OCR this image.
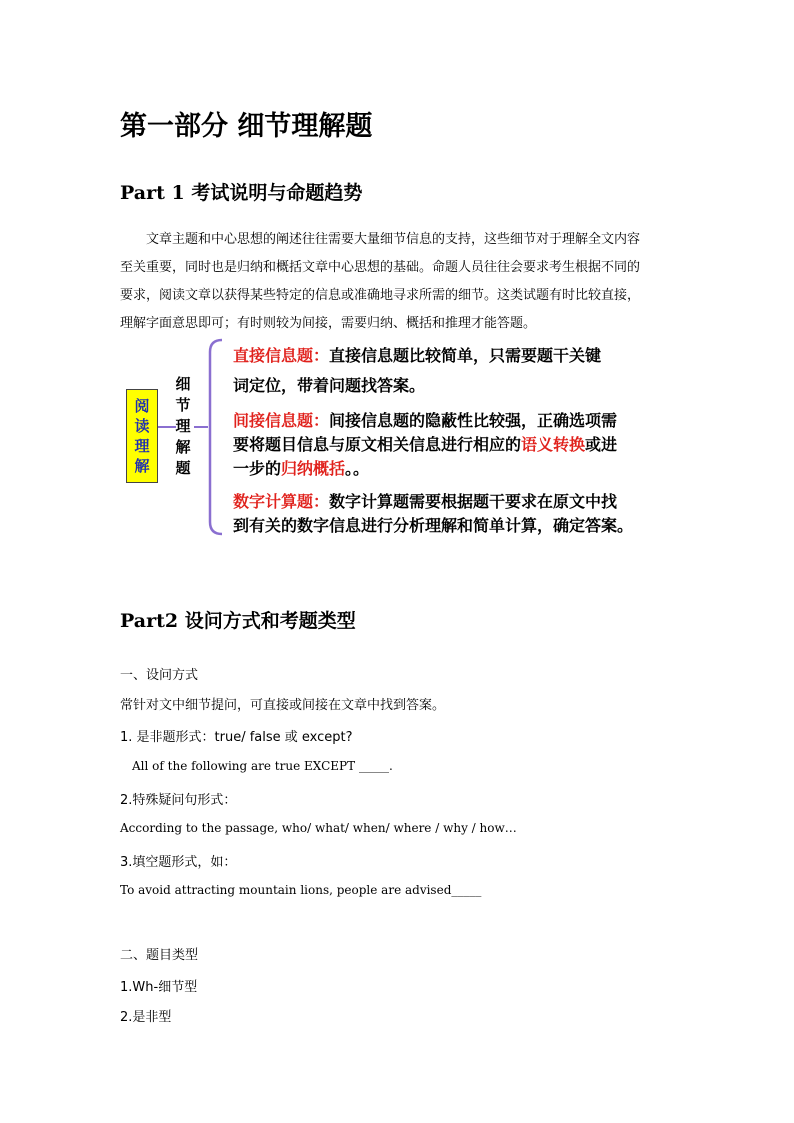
第一部分 细节理解题
Part 1 考试说明与命题趋势

文章主题和中心思想的阐述往往需要大量细节信息的支持，这些细节对于理解全文内容

至关重要，同时也是归纳和概括文章中心思想的基础。命题人员往往会要求考生根据不同的

要求，阅读文章以获得某些特定的信息或准确地寻求所需的细节。这类试题有时比较直接，

理解字面意思即可；有时则较为间接，需要归纳、概括和推理才能答题。

阅
读
理
解
细
节
理
解
题
直接信息题：直接信息题比较简单，只需要题干关键
词定位，带着问题找答案。
间接信息题：间接信息题的隐蔽性比较强，正确选项需
要将题目信息与原文相关信息进行相应的语义转换或进
一步的归纳概括。。
数字计算题：数字计算题需要根据题干要求在原文中找
到有关的数字信息进行分析理解和简单计算，确定答案。
Part2 设问方式和考题类型
一、设问方式
常针对文中细节提问，可直接或间接在文章中找到答案。
1. 是非题形式：true/ false 或 except?
All of the following are true EXCEPT _____.
2.特殊疑问句形式：
According to the passage, who/ what/ when/ where / why / how…
3.填空题形式，如：
To avoid attracting mountain lions, people are advised_____
二、题目类型
1.Wh-细节型
2.是非型
